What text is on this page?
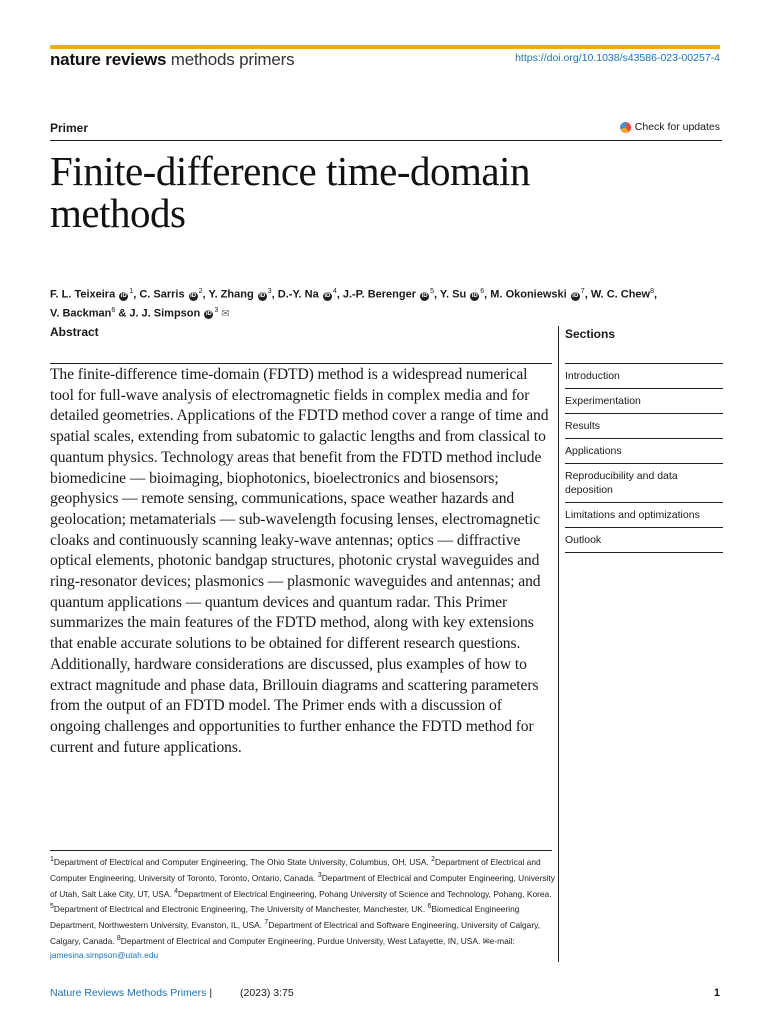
nature reviews methods primers	https://doi.org/10.1038/s43586-023-00257-4
Primer	Check for updates
Finite-difference time-domain methods
F. L. Teixeira $iD^1$, C. Sarris $iD^2$, Y. Zhang $iD^3$, D.-Y. Na $iD^4$, J.-P. Berenger $iD^5$, Y. Su $iD^6$, M. Okoniewski $iD^7$, W. C. Chew$^8$,
V. Backman$^6$ & J. J. Simpson $iD^3$ ✉
Abstract

The finite-difference time-domain (FDTD) method is a widespread numerical tool for full-wave analysis of electromagnetic fields in complex media and for detailed geometries. Applications of the FDTD method cover a range of time and spatial scales, extending from subatomic to galactic lengths and from classical to quantum physics. Technology areas that benefit from the FDTD method include biomedicine — bioimaging, biophotonics, bioelectronics and biosensors; geophysics — remote sensing, communications, space weather hazards and geolocation; metamaterials — sub-wavelength focusing lenses, electromagnetic cloaks and continuously scanning leaky-wave antennas; optics — diffractive optical elements, photonic bandgap structures, photonic crystal waveguides and ring-resonator devices; plasmonics — plasmonic waveguides and antennas; and quantum applications — quantum devices and quantum radar. This Primer summarizes the main features of the FDTD method, along with key extensions that enable accurate solutions to be obtained for different research questions. Additionally, hardware considerations are discussed, plus examples of how to extract magnitude and phase data, Brillouin diagrams and scattering parameters from the output of an FDTD model. The Primer ends with a discussion of ongoing challenges and opportunities to further enhance the FDTD method for current and future applications.

Sections
Introduction
Experimentation
Results
Applications
Reproducibility and data deposition
Limitations and optimizations
Outlook

$^1$Department of Electrical and Computer Engineering, The Ohio State University, Columbus, OH, USA. $^2$Department of Electrical and Computer Engineering, University of Toronto, Toronto, Ontario, Canada. $^3$Department of Electrical and Computer Engineering, University of Utah, Salt Lake City, UT, USA. $^4$Department of Electrical Engineering, Pohang University of Science and Technology, Pohang, Korea. $^5$Department of Electrical and Electronic Engineering, The University of Manchester, Manchester, UK. $^6$Biomedical Engineering Department, Northwestern University, Evanston, IL, USA. $^7$Department of Electrical and Software Engineering, University of Calgary, Calgary, Canada. $^8$Department of Electrical and Computer Engineering, Purdue University, West Lafayette, IN, USA. ✉e-mail: jamesina.simpson@utah.edu

Nature Reviews Methods Primers |	(2023) 3:75	1
